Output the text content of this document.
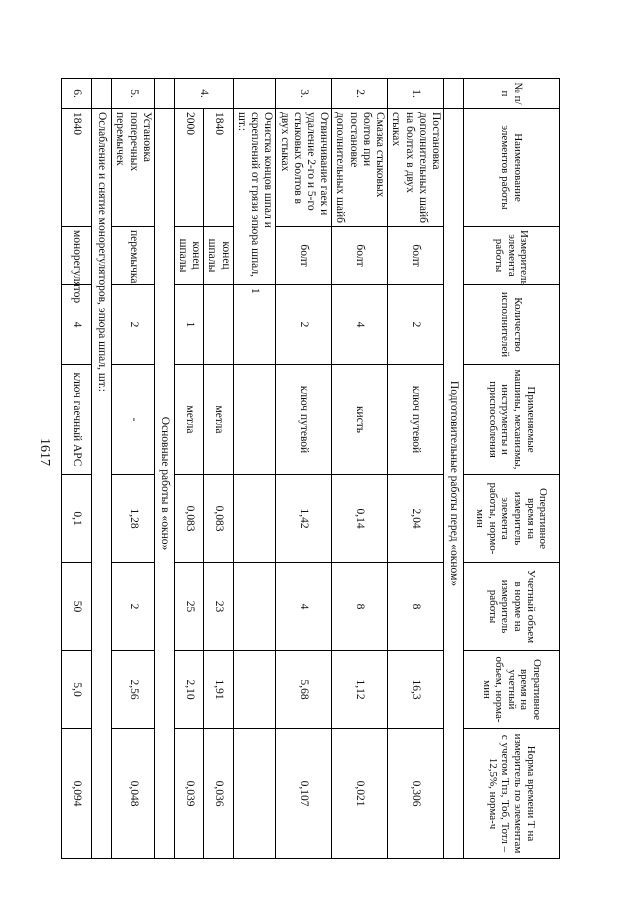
1617
№ п/п	Наименование элементов работы	Измеритель элемента работы	Количество исполнителей	Применяемые машины, механизмы, инструменты и приспособления	Оперативное время на измеритель элемента работы, нормо-мин	Учетный объем в норме на измеритель работы	Оперативное время на учетный объем, норма-мин	Норма времени Т на измеритель по элементам с учетом Тпз, Тоб, Тотл – 12,5%, норма-ч
	Подготовительные работы перед «окном»							
1.	Постановка дополнительных шайб на болтах в двух стыках	болт	2	ключ путевой	2,04	8	16,3	0,306
2.	Смазка стыковых болтов при постановке дополнительных шайб	болт	4	кисть	0,14	8	1,12	0,021
3.	Отвинчивание гаек и удаление 2-го и 5-го стыковых болтов в двух стыках	болт	2	ключ путевой	1,42	4	5,68	0,107
	Очистка концов шпал и скреплений от грязи эпюра шпал, шт.:		1					
4.	1840	конец шпалы		метла	0,083	23	1,91	0,036
	2000	конец шпалы	1	метла	0,083	25	2,10	0,039
	Основные работы в «окно»							
5.	Установка поперечных перемычек	перемычка	2	-	1,28	2	2,56	0,048
	Ослабление и снятие монорегуляторов, эпюра шпал, шт.:							
6.	1840	монорегулятор	4	ключ гаечный АРС	0,1	50	5,0	0,094
